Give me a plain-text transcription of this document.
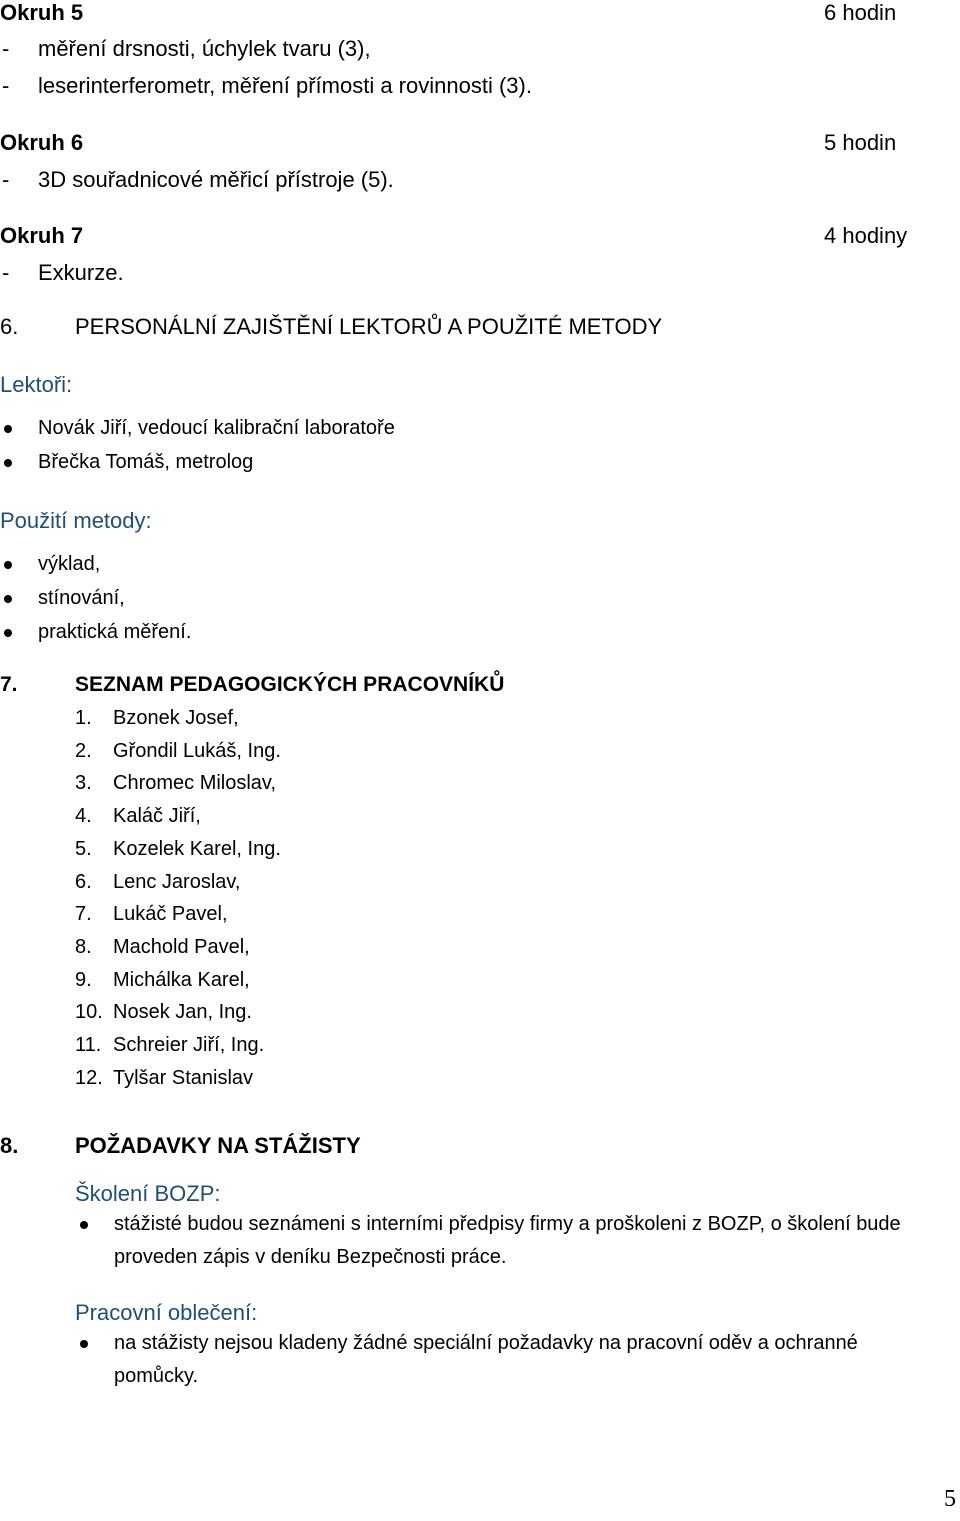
Okruh 5	6 hodin
- měření drsnosti, úchylek tvaru (3),
- leserinterferometr, měření přímosti a rovinnosti (3).
Okruh 6	5 hodin
- 3D souřadnicové měřicí přístroje (5).
Okruh 7	4 hodiny
- Exkurze.
6.	PERSONÁLNÍ ZAJIŠTĚNÍ LEKTORŮ A POUŽITÉ METODY
Lektoři:
Novák Jiří, vedoucí kalibrační laboratoře
Břečka Tomáš, metrolog
Použití metody:
výklad,
stínování,
praktická měření.
7.	SEZNAM PEDAGOGICKÝCH PRACOVNÍKŮ
1. Bzonek Josef,
2. Gřondil Lukáš, Ing.
3. Chromec Miloslav,
4. Kaláč Jiří,
5. Kozelek Karel, Ing.
6. Lenc Jaroslav,
7. Lukáč Pavel,
8. Machold Pavel,
9. Michálka Karel,
10. Nosek Jan, Ing.
11. Schreier Jiří, Ing.
12. Tylšar Stanislav
8.	POŽADAVKY NA STÁŽISTY
Školení BOZP:
stážisté budou seznámeni s interními předpisy firmy a proškoleni z BOZP, o školení bude
proveden zápis v deníku Bezpečnosti práce.
Pracovní oblečení:
na stážisty nejsou kladeny žádné speciální požadavky na pracovní oděv a ochranné
pomůcky.
5
